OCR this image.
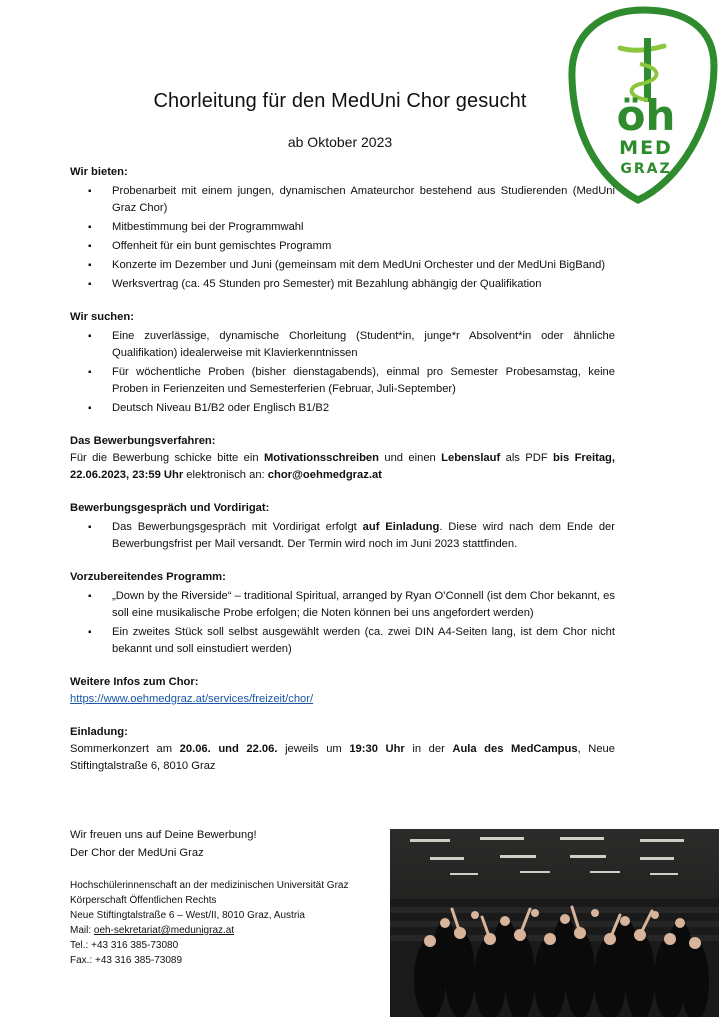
öh
MED
GRAZ
Chorleitung für den MedUni Chor gesucht
ab Oktober 2023

Wir bieten:

▪ Probenarbeit mit einem jungen, dynamischen Amateurchor bestehend aus Studierenden (MedUni Graz Chor)
▪ Mitbestimmung bei der Programmwahl
▪ Offenheit für ein bunt gemischtes Programm
▪ Konzerte im Dezember und Juni (gemeinsam mit dem MedUni Orchester und der MedUni BigBand)
▪ Werksvertrag (ca. 45 Stunden pro Semester) mit Bezahlung abhängig der Qualifikation

Wir suchen:

▪ Eine zuverlässige, dynamische Chorleitung (Student*in, junge*r Absolvent*in oder ähnliche Qualifikation) idealerweise mit Klavierkenntnissen
▪ Für wöchentliche Proben (bisher dienstagabends), einmal pro Semester Probesamstag, keine Proben in Ferienzeiten und Semesterferien (Februar, Juli-September)
▪ Deutsch Niveau B1/B2 oder Englisch B1/B2

Das Bewerbungsverfahren:

Für die Bewerbung schicke bitte ein Motivationsschreiben und einen Lebenslauf als PDF bis Freitag, 22.06.2023, 23:59 Uhr elektronisch an: chor@oehmedgraz.at

Bewerbungsgespräch und Vordirigat:

▪ Das Bewerbungsgespräch mit Vordirigat erfolgt auf Einladung. Diese wird nach dem Ende der Bewerbungsfrist per Mail versandt. Der Termin wird noch im Juni 2023 stattfinden.

Vorzubereitendes Programm:

▪ „Down by the Riverside“ – traditional Spiritual, arranged by Ryan O’Connell (ist dem Chor bekannt, es soll eine musikalische Probe erfolgen; die Noten können bei uns angefordert werden)
▪ Ein zweites Stück soll selbst ausgewählt werden (ca. zwei DIN A4-Seiten lang, ist dem Chor nicht bekannt und soll einstudiert werden)

Weitere Infos zum Chor:

https://www.oehmedgraz.at/services/freizeit/chor/

Einladung:

Sommerkonzert am 20.06. und 22.06. jeweils um 19:30 Uhr in der Aula des MedCampus, Neue Stiftingtalstraße 6, 8010 Graz

Wir freuen uns auf Deine Bewerbung!
Der Chor der MedUni Graz
Hochschülerinnenschaft an der medizinischen Universität Graz
Körperschaft Öffentlichen Rechts
Neue Stiftingtalstraße 6 – West/II, 8010 Graz, Austria
Mail: oeh-sekretariat@medunigraz.at
Tel.: +43 316 385-73080
Fax.: +43 316 385-73089
